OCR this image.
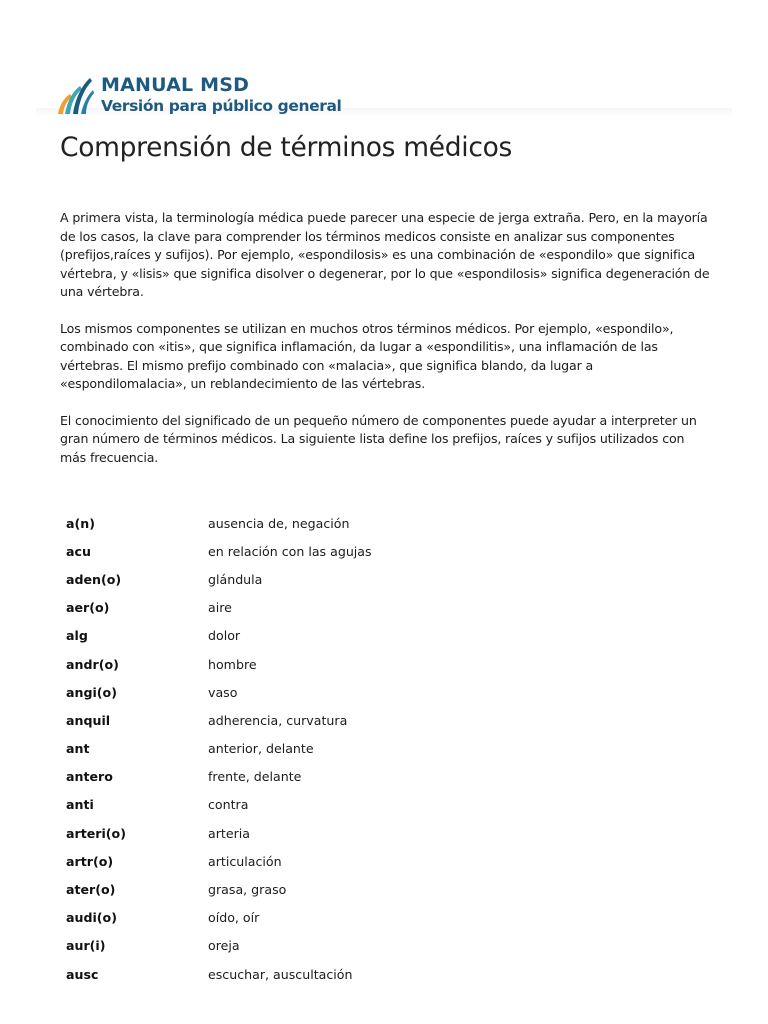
MANUAL MSD
Versión para público general
Comprensión de términos médicos

A primera vista, la terminología médica puede parecer una especie de jerga extraña. Pero, en la mayoría de los casos, la clave para comprender los términos medicos consiste en analizar sus componentes (prefijos,raíces y sufijos). Por ejemplo, «espondilosis» es una combinación de «espondilo» que significa vértebra, y «lisis» que significa disolver o degenerar, por lo que «espondilosis» significa degeneración de una vértebra.

Los mismos componentes se utilizan en muchos otros términos médicos. Por ejemplo, «espondilo», combinado con «itis», que significa inflamación, da lugar a «espondilitis», una inflamación de las vértebras. El mismo prefijo combinado con «malacia», que significa blando, da lugar a «espondilomalacia», un reblandecimiento de las vértebras.

El conocimiento del significado de un pequeño número de componentes puede ayudar a interpreter un gran número de términos médicos. La siguiente lista define los prefijos, raíces y sufijos utilizados con más frecuencia.

a(n)	ausencia de, negación
acu	en relación con las agujas
aden(o)	glándula
aer(o)	aire
alg	dolor
andr(o)	hombre
angi(o)	vaso
anquil	adherencia, curvatura
ant	anterior, delante
antero	frente, delante
anti	contra
arteri(o)	arteria
artr(o)	articulación
ater(o)	grasa, graso
audi(o)	oído, oír
aur(i)	oreja
ausc	escuchar, auscultación
